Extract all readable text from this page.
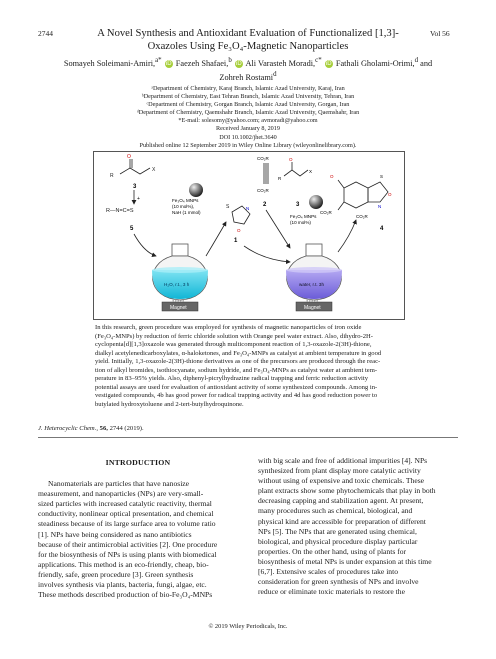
2744	Vol 56
A Novel Synthesis and Antioxidant Evaluation of Functionalized [1,3]-
Oxazoles Using Fe₃O₄-Magnetic Nanoparticles
Somayeh Soleimani-Amiri,$^{a*}$ iD Faezeh Shafaei,$^b$ iD Ali Varasteh Moradi,$^{c*}$ iD Fathali Gholami-Orimi,$^d$ and
Zohreh Rostami$^d$
ᵃDepartment of Chemistry, Karaj Branch, Islamic Azad University, Karaj, Iran
ᵇDepartment of Chemistry, East Tehran Branch, Islamic Azad University, Tehran, Iran
ᶜDepartment of Chemistry, Gorgan Branch, Islamic Azad University, Gorgan, Iran
ᵈDepartment of Chemistry, Qaemshahr Branch, Islamic Azad University, Qaemshahr, Iran
*E-mail: solesomy@yahoo.com; avmoradi@yahoo.com
Received January 8, 2019
DOI 10.1002/jhet.3640
Published online 12 September 2019 in Wiley Online Library (wileyonlinelibrary.com).
O
X
R
3
+
R—N=C=S
5
Fe₃O₄ MNPs
(10 mol%),
NaH (1 mmol)
S	N
O
1
CO₂R
CO₂R
2
O
X
R
3
Fe₃O₄ MNPs
(10 mol%)
S
O
N
O
CO₂R
CO₂R
4
H₂O, r.t., 3 h
Magnet
∘∘∘∘∘
water, r.t. 3h
Magnet
∘∘∘∘∘
In this research, green procedure was employed for synthesis of magnetic nanoparticles of iron oxide
(Fe₃O₄-MNPs) by reduction of ferric chloride solution with Orange peel water extract. Also, dihydro-2H-
cyclopenta[d][1,3]oxazole was generated through multicomponent reaction of 1,3-oxazole-2(3H)-thione,
dialkyl acetylenedicarboxylates, α-haloketones, and Fe₃O₄-MNPs as catalyst at ambient temperature in good
yield. Initially, 1,3-oxazole-2(3H)-thione derivatives as one of the precursors are produced through the reac-
tion of alkyl bromides, isothiocyanate, sodium hydride, and Fe₃O₄-MNPs as catalyst water at ambient tem-
perature in 83–95% yields. Also, diphenyl-picrylhydrazine radical trapping and ferric reduction activity
potential assays are used for evaluation of antioxidant activity of some synthesized compounds. Among in-
vestigated compounds, 4b has good power for radical trapping activity and 4d has good reduction power to
butylated hydroxytoluene and 2-tert-butylhydroquinone.
J. Heterocyclic Chem., 56, 2744 (2019).
INTRODUCTION
Nanomaterials are particles that have nanosize
measurement, and nanoparticles (NPs) are very-small-
sized particles with increased catalytic reactivity, thermal
conductivity, nonlinear optical presentation, and chemical
steadiness because of its large surface area to volume ratio
[1]. NPs have being considered as nano antibiotics
because of their antimicrobial activities [2]. One procedure
for the biosynthesis of NPs is using plants with biomedical
applications. This method is an eco-friendly, cheap, bio-
friendly, safe, green procedure [3]. Green synthesis
involves synthesis via plants, bacteria, fungi, algae, etc.
These methods described production of bio-Fe₃O₄-MNPs
with big scale and free of additional impurities [4]. NPs
synthesized from plant display more catalytic activity
without using of expensive and toxic chemicals. These
plant extracts show some phytochemicals that play in both
decreasing capping and stabilization agent. At present,
many procedures such as chemical, biological, and
physical kind are accessible for preparation of different
NPs [5]. The NPs that are generated using chemical,
biological, and physical procedure display particular
properties. On the other hand, using of plants for
biosynthesis of metal NPs is under expansion at this time
[6,7]. Extensive scales of procedures take into
consideration for green synthesis of NPs and involve
reduce or eliminate toxic materials to restore the
© 2019 Wiley Periodicals, Inc.
